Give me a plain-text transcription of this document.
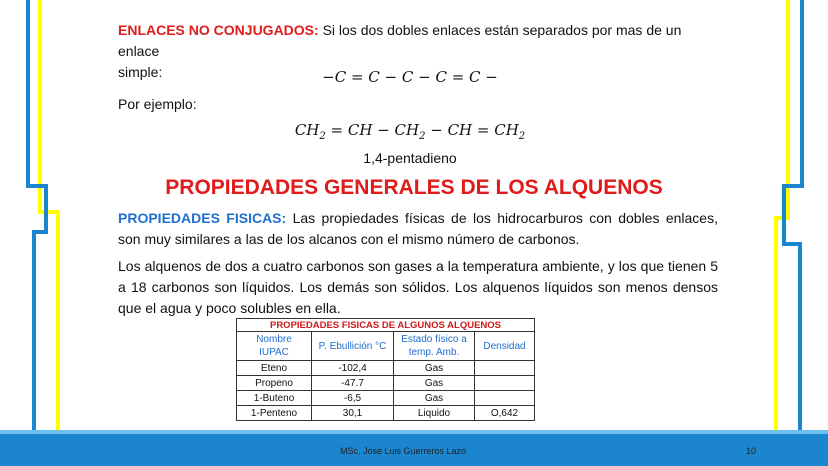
ENLACES NO CONJUGADOS: Si los dos dobles enlaces están separados por mas de un enlace
simple:	−C = C − C − C = C −
Por ejemplo:
$CH_2$ = CH − $CH_2$ − CH = $CH_2$
1,4-pentadieno
PROPIEDADES GENERALES DE LOS ALQUENOS
PROPIEDADES FISICAS: Las propiedades físicas de los hidrocarburos con dobles enlaces, son muy similares a las de los alcanos con el mismo número de carbonos.
Los alquenos de dos a cuatro carbonos son gases a la temperatura ambiente, y los que tienen 5 a 18 carbonos son líquidos. Los demás son sólidos. Los alquenos líquidos son menos densos que el agua y poco solubles en ella.
PROPIEDADES FISICAS DE ALGUNOS ALQUENOS			
Nombre IUPAC	P. Ebullición °C	Estado físico a temp. Amb.	Densidad
Eteno	-102,4	Gas	
Propeno	-47.7	Gas	
1-Buteno	-6,5	Gas	
1-Penteno	30,1	Liquido	O,642
MSc. José Luis Guerreros Lazo	10
